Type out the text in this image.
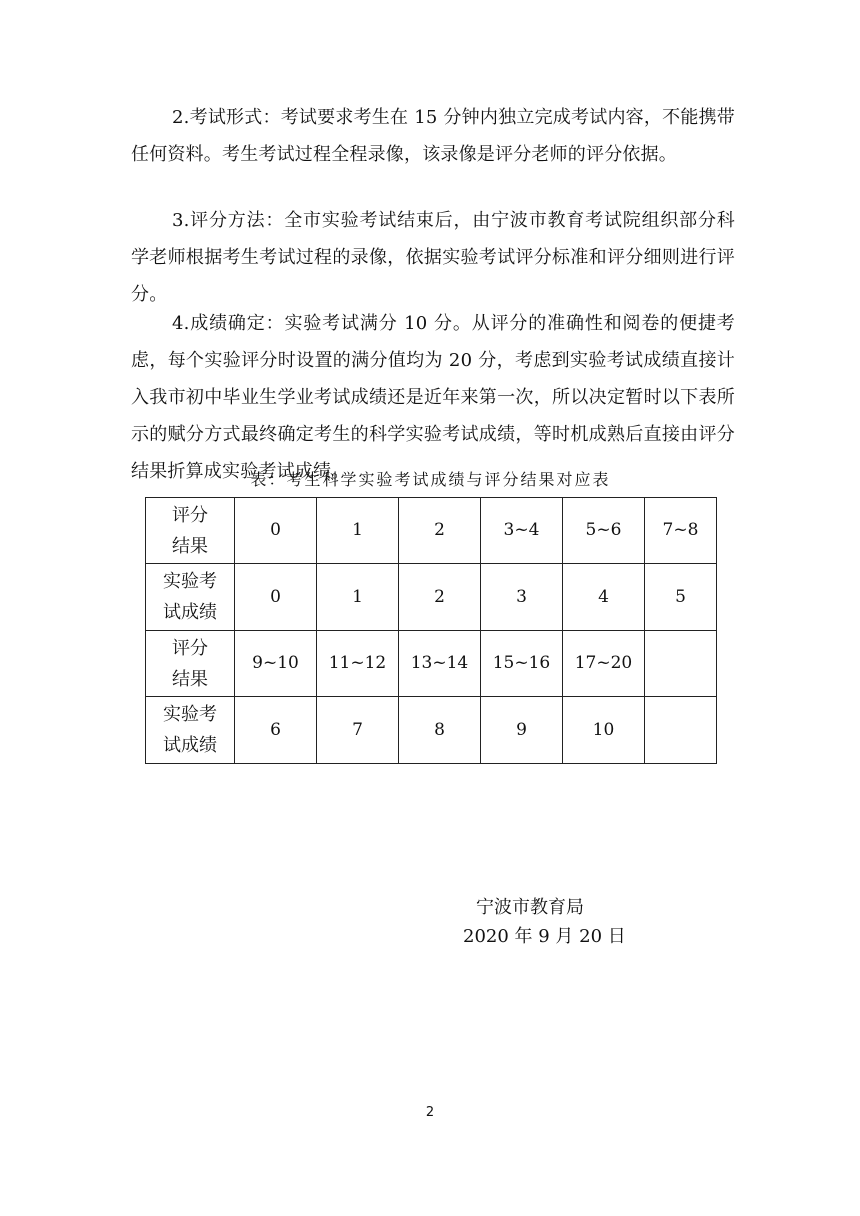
2.考试形式：考试要求考生在 15 分钟内独立完成考试内容，不能携带任何资料。考生考试过程全程录像，该录像是评分老师的评分依据。

3.评分方法：全市实验考试结束后，由宁波市教育考试院组织部分科学老师根据考生考试过程的录像，依据实验考试评分标准和评分细则进行评分。

4.成绩确定：实验考试满分 10 分。从评分的准确性和阅卷的便捷考虑，每个实验评分时设置的满分值均为 20 分，考虑到实验考试成绩直接计入我市初中毕业生学业考试成绩还是近年来第一次，所以决定暂时以下表所示的赋分方式最终确定考生的科学实验考试成绩，等时机成熟后直接由评分结果折算成实验考试成绩。

表：考生科学实验考试成绩与评分结果对应表
评分
结果	0	1	2	3~4	5~6	7~8

实验考
试成绩	0	1	2	3	4	5

评分
结果	9~10	11~12	13~14	15~16	17~20	

实验考
试成绩	6	7	8	9	10	
宁波市教育局
2020 年 9 月 20 日
2
